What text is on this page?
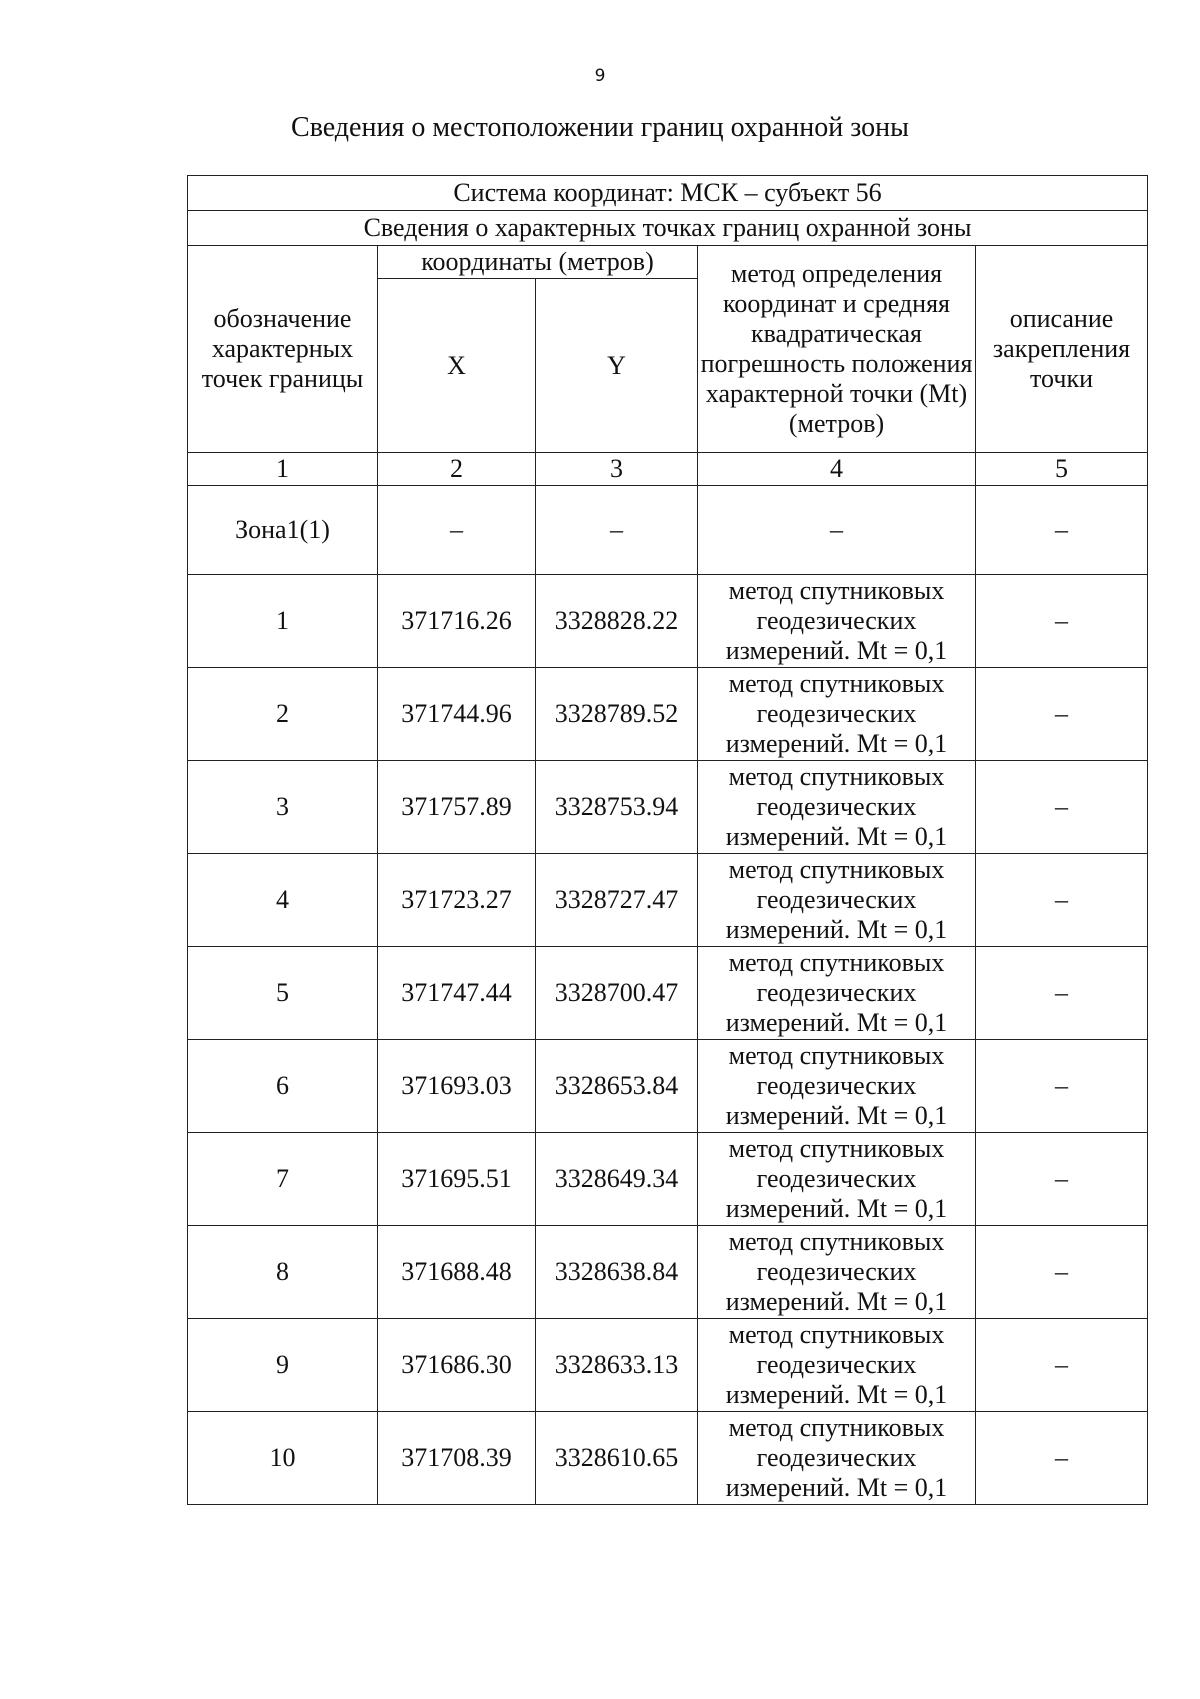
9
Сведения о местоположении границ охранной зоны
Система координат: МСК – субъект 56				
Сведения о характерных точках границ охранной зоны				
обозначение характерных точек границы	координаты (метров)		метод определения координат и средняя квадратическая погрешность положения характерной точки (Mt) (метров)	описание закрепления точки
	X	Y		
1	2	3	4	5
Зона1(1)	–	–	–	–
1	371716.26	3328828.22	метод спутниковых геодезических измерений. Mt = 0,1	–
2	371744.96	3328789.52	метод спутниковых геодезических измерений. Mt = 0,1	–
3	371757.89	3328753.94	метод спутниковых геодезических измерений. Mt = 0,1	–
4	371723.27	3328727.47	метод спутниковых геодезических измерений. Mt = 0,1	–
5	371747.44	3328700.47	метод спутниковых геодезических измерений. Mt = 0,1	–
6	371693.03	3328653.84	метод спутниковых геодезических измерений. Mt = 0,1	–
7	371695.51	3328649.34	метод спутниковых геодезических измерений. Mt = 0,1	–
8	371688.48	3328638.84	метод спутниковых геодезических измерений. Mt = 0,1	–
9	371686.30	3328633.13	метод спутниковых геодезических измерений. Mt = 0,1	–
10	371708.39	3328610.65	метод спутниковых геодезических измерений. Mt = 0,1	–
